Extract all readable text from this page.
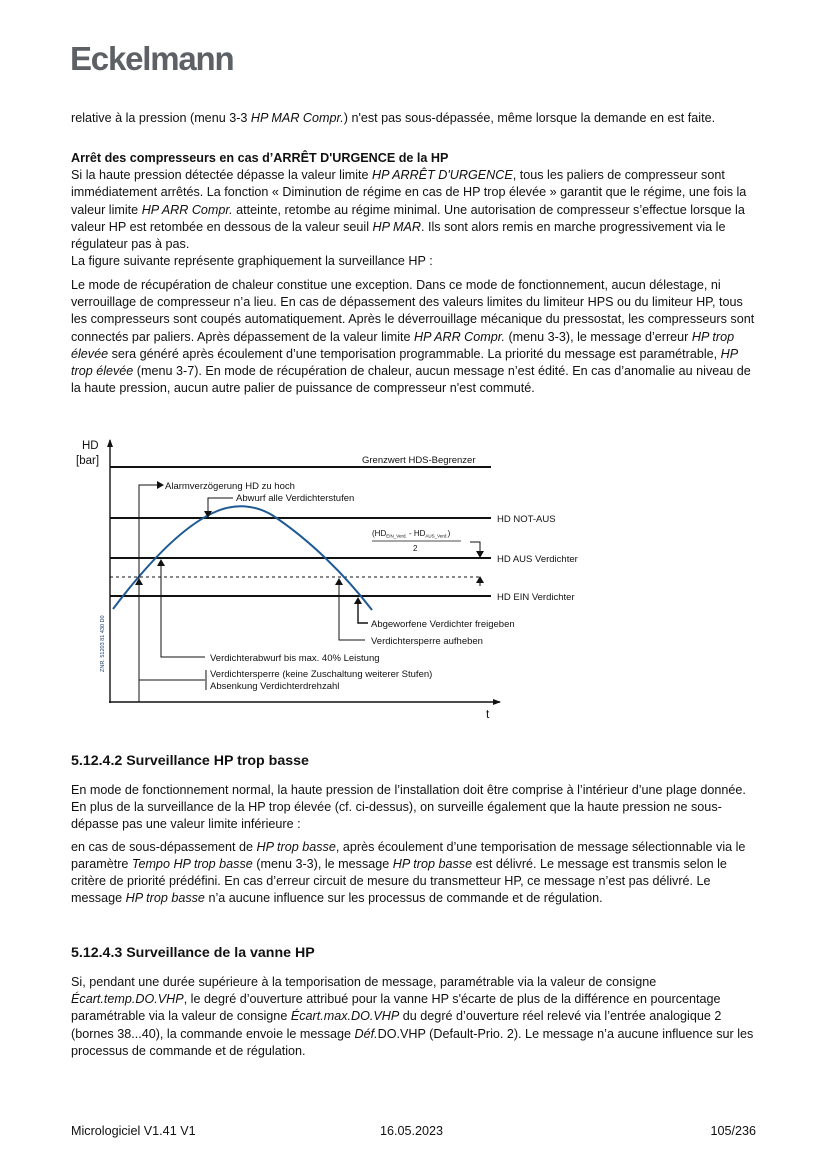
Eckelmann

relative à la pression (menu 3-3 HP MAR Compr.) n'est pas sous-dépassée, même lorsque la demande en est faite.

Arrêt des compresseurs en cas d’ARRÊT D'URGENCE de la HP

Si la haute pression détectée dépasse la valeur limite HP ARRÊT D'URGENCE, tous les paliers de compresseur sont immédiatement arrêtés. La fonction « Diminution de régime en cas de HP trop élevée » garantit que le régime, une fois la valeur limite HP ARR Compr. atteinte, retombe au régime minimal. Une autorisation de compresseur s’effectue lorsque la valeur HP est retombée en dessous de la valeur seuil HP MAR. Ils sont alors remis en marche progressivement via le régulateur pas à pas.

La figure suivante représente graphiquement la surveillance HP :

Le mode de récupération de chaleur constitue une exception. Dans ce mode de fonctionnement, aucun délestage, ni verrouillage de compresseur n’a lieu. En cas de dépassement des valeurs limites du limiteur HPS ou du limiteur HP, tous les compresseurs sont coupés automatiquement. Après le déverrouillage mécanique du pressostat, les compresseurs sont connectés par paliers. Après dépassement de la valeur limite HP ARR Compr. (menu 3-3), le message d’erreur HP trop élevée sera généré après écoulement d’une temporisation programmable. La priorité du message est paramétrable, HP trop élevée (menu 3-7). En mode de récupération de chaleur, aucun message n’est édité. En cas d’anomalie au niveau de la haute pression, aucun autre palier de puissance de compresseur n'est commuté.

HD
[bar]
t
Grenzwert HDS-Begrenzer
HD NOT-AUS
HD AUS Verdichter
HD EIN Verdichter
(HDEIN_Verd. - HDAUS_Verd.)
2
Alarmverzögerung HD zu hoch
Abwurf alle Verdichterstufen
Verdichtersperre (keine Zuschaltung weiterer Stufen)
Absenkung Verdichterdrehzahl
Verdichterabwurf bis max. 40% Leistung
Verdichtersperre aufheben
Abgeworfene Verdichter freigeben
ZNR. 51203 81 430 D0
5.12.4.2 Surveillance HP trop basse

En mode de fonctionnement normal, la haute pression de l’installation doit être comprise à l’intérieur d’une plage donnée. En plus de la surveillance de la HP trop élevée (cf. ci-dessus), on surveille également que la haute pression ne sous-dépasse pas une valeur limite inférieure :

en cas de sous-dépassement de HP trop basse, après écoulement d’une temporisation de message sélectionnable via le paramètre Tempo HP trop basse (menu 3-3), le message HP trop basse est délivré. Le message est transmis selon le critère de priorité prédéfini. En cas d’erreur circuit de mesure du transmetteur HP, ce message n’est pas délivré. Le message HP trop basse n’a aucune influence sur les processus de commande et de régulation.

5.12.4.3 Surveillance de la vanne HP

Si, pendant une durée supérieure à la temporisation de message, paramétrable via la valeur de consigne Écart.temp.DO.VHP, le degré d’ouverture attribué pour la vanne HP s'écarte de plus de la différence en pourcentage paramétrable via la valeur de consigne Écart.max.DO.VHP du degré d’ouverture réel relevé via l’entrée analogique 2 (bornes 38...40), la commande envoie le message Déf.DO.VHP (Default-Prio. 2). Le message n’a aucune influence sur les processus de commande et de régulation.

Micrologiciel V1.41 V1	16.05.2023	105/236
